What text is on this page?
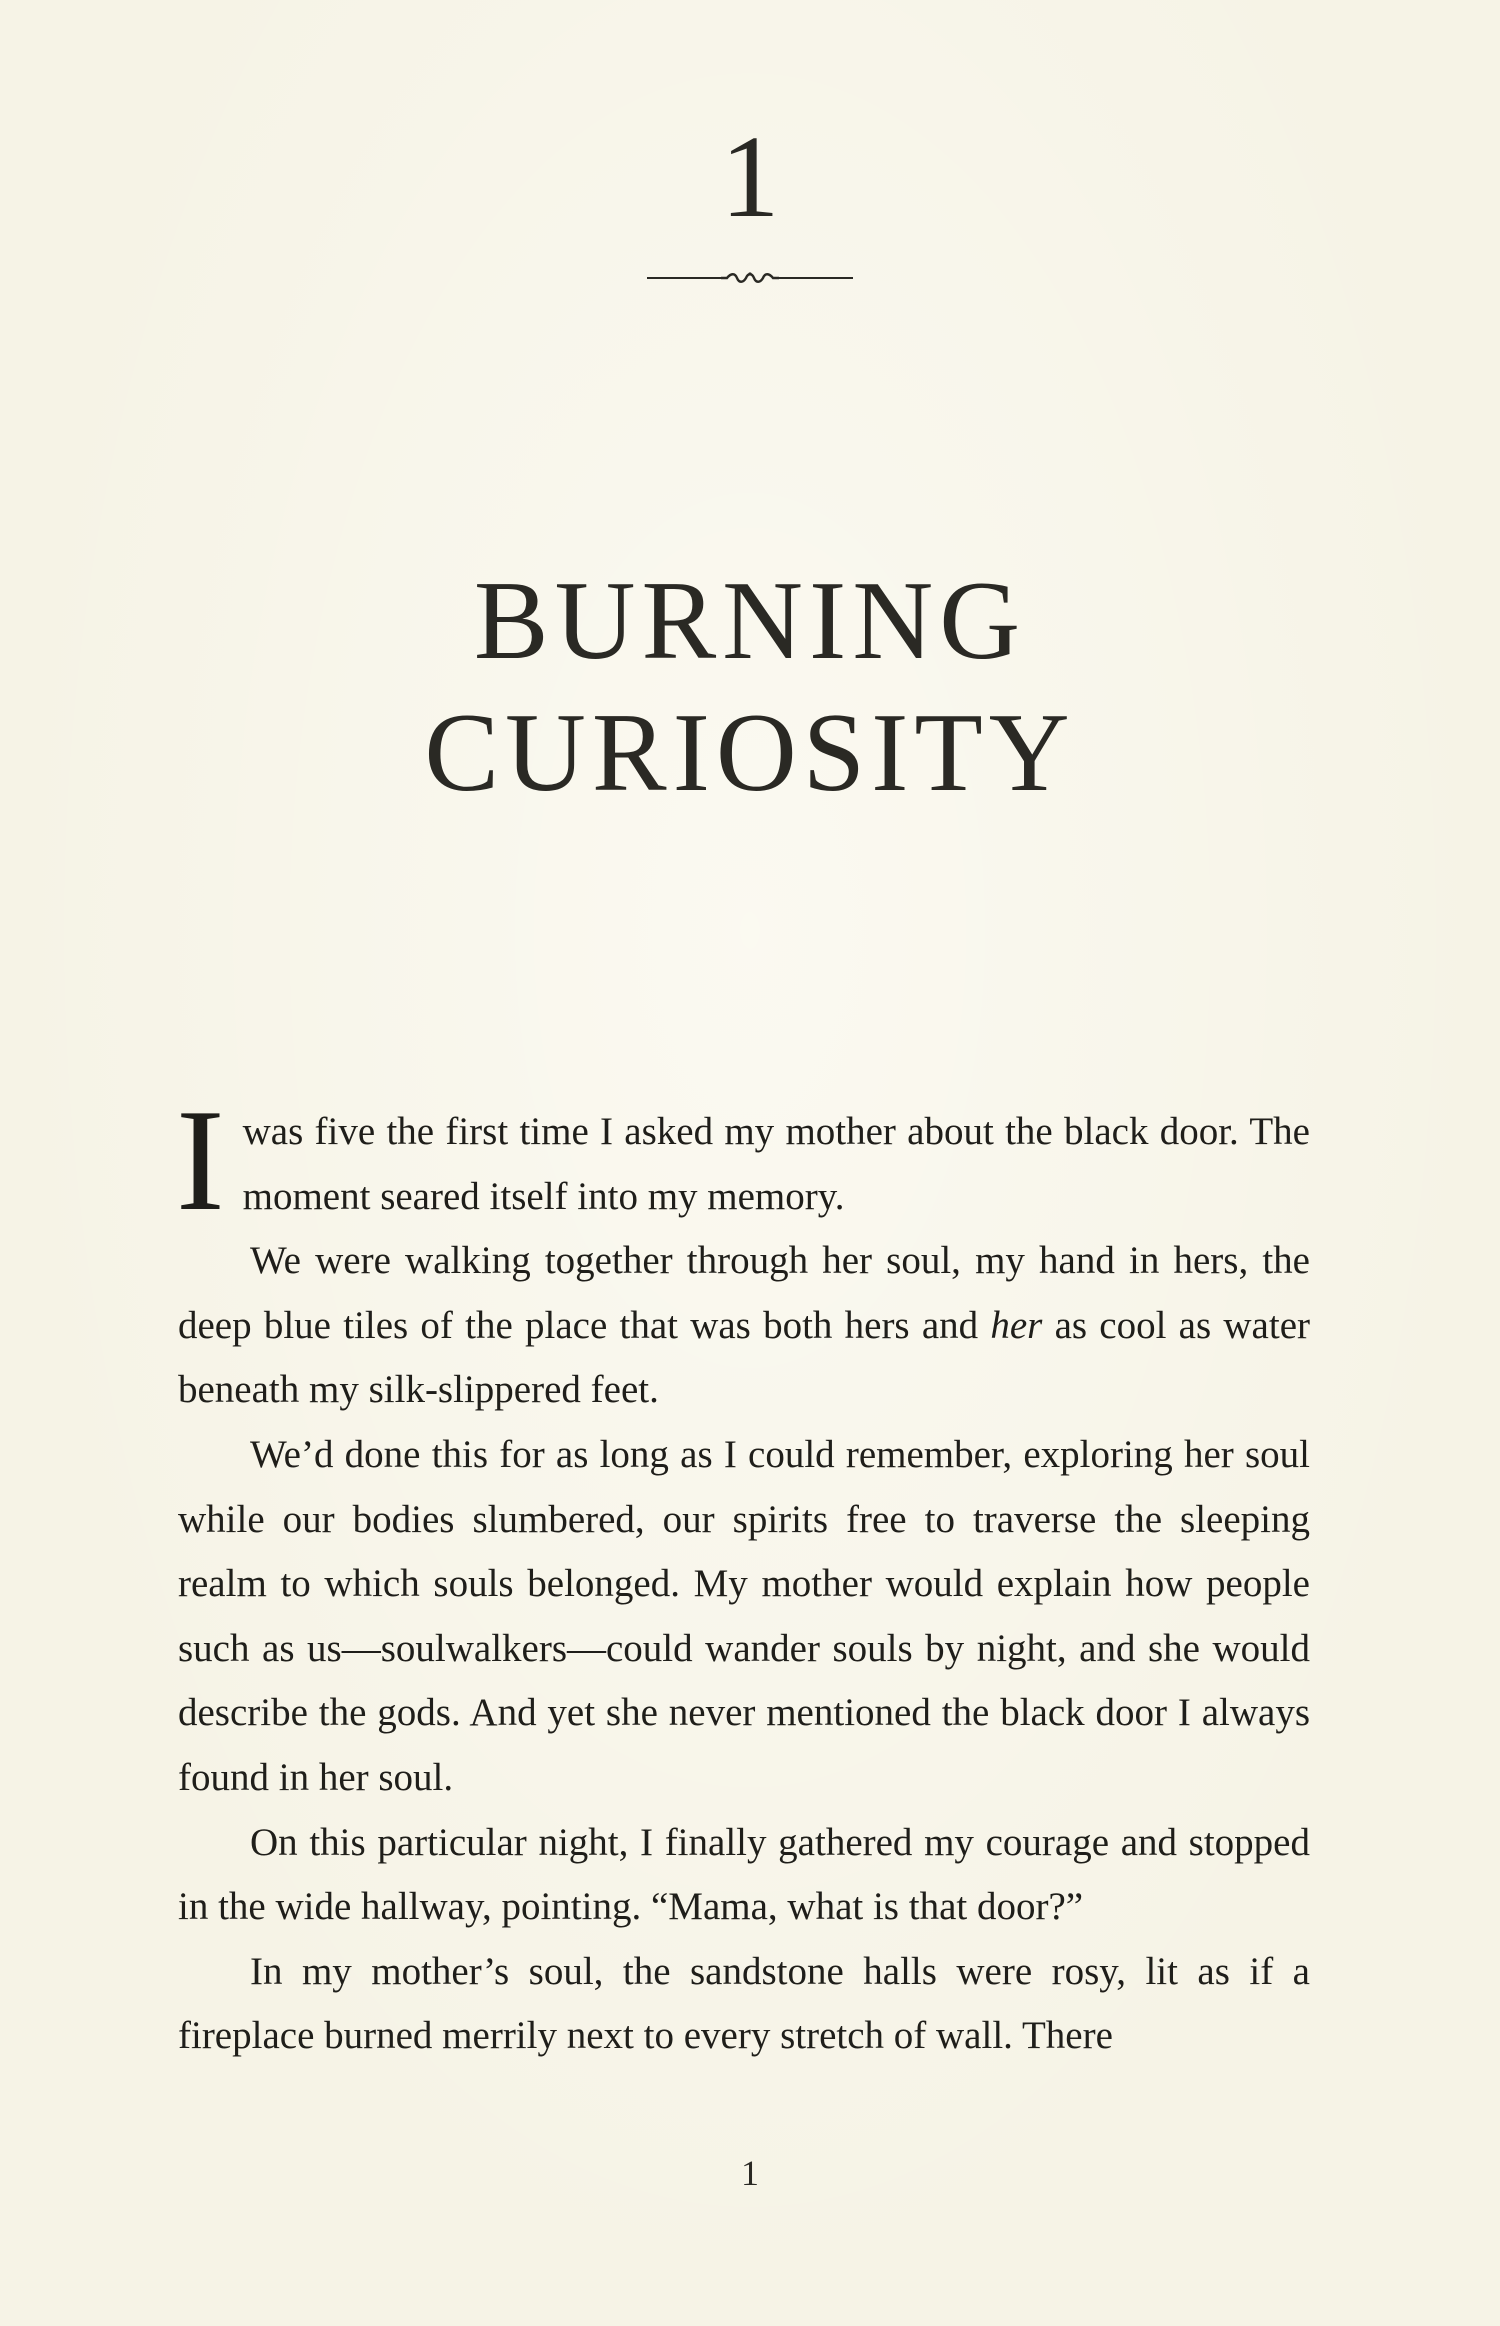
1
BURNING
CURIOSITY

Iwas five the first time I asked my mother about the black door. The moment seared itself into my memory.

We were walking together through her soul, my hand in hers, the deep blue tiles of the place that was both hers and her as cool as water beneath my silk-slippered feet.

We’d done this for as long as I could remember, exploring her soul while our bodies slumbered, our spirits free to traverse the sleeping realm to which souls belonged. My mother would explain how people such as us—soulwalkers—could wander souls by night, and she would describe the gods. And yet she never mentioned the black door I always found in her soul.

On this particular night, I finally gathered my courage and stopped in the wide hallway, pointing. “Mama, what is that door?”

In my mother’s soul, the sandstone halls were rosy, lit as if a fireplace burned merrily next to every stretch of wall. There

1
